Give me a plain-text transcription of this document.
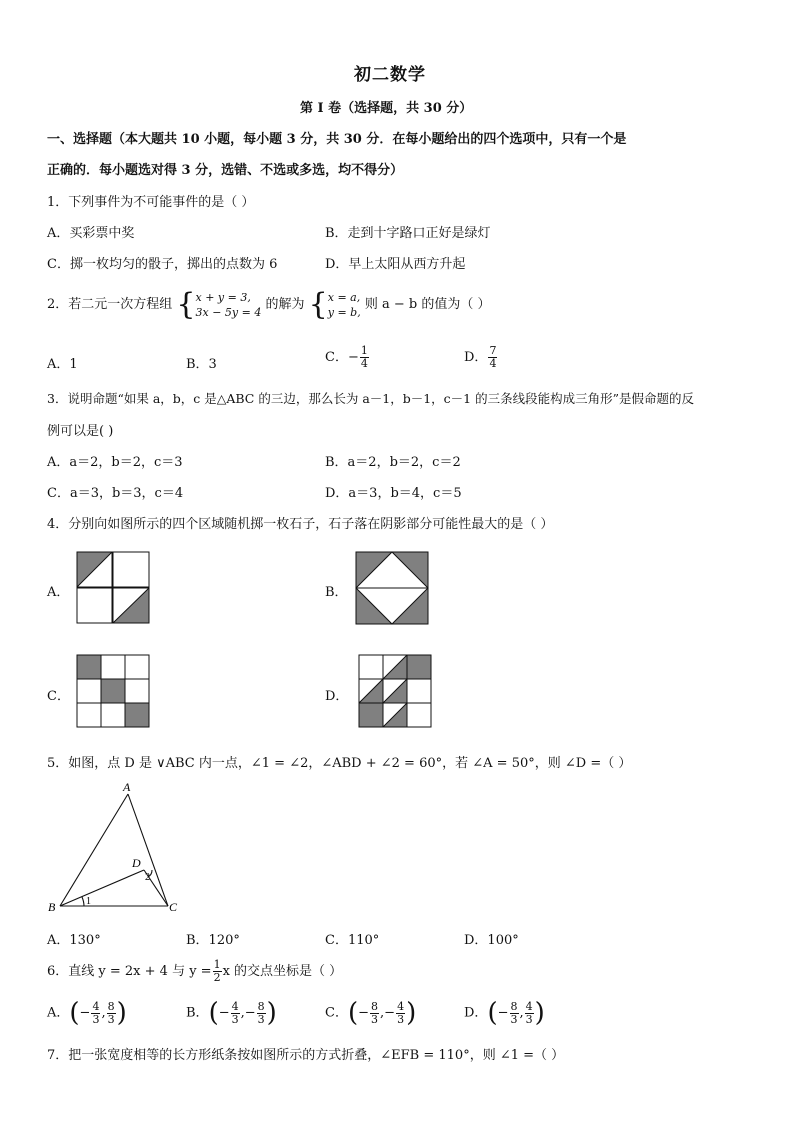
初二数学
第 I 卷（选择题，共 30 分）
一、选择题（本大题共 10 小题，每小题 3 分，共 30 分．在每小题给出的四个选项中，只有一个是
正确的．每小题选对得 3 分，选错、不选或多选，均不得分）
1．下列事件为不可能事件的是（ ）
A．买彩票中奖	B．走到十字路口正好是绿灯
C．掷一枚均匀的骰子，掷出的点数为 6	D．早上太阳从西方升起
2．若二元一次方程组 {x + y = 3,
3x − 5y = 4 的解为 {x = a,
y = b, 则 a − b 的值为（ ）
A．1	B．3	C．− $\frac{1}{4}$	D． $\frac{7}{4}$
3．说明命题“如果 a，b，c 是△ABC 的三边，那么长为 a－1，b－1，c－1 的三条线段能构成三角形”是假命题的反
例可以是( )
A．a＝2，b＝2，c＝3	B．a＝2，b＝2，c＝2
C．a＝3，b＝3，c＝4	D．a＝3，b＝4，c＝5
4．分别向如图所示的四个区域随机掷一枚石子，石子落在阴影部分可能性最大的是（ ）
A．	B．
C．	D．
5．如图，点 D 是 ∨ABC 内一点，∠1 = ∠2，∠ABD + ∠2 = 60°，若 ∠A = 50°，则 ∠D =（ ）
A
B	C
D
1
2
A．130°	B．120°	C．110°	D．100°
6．直线 y = 2x + 4 与 $y = \frac{1}{2}$ x 的交点坐标是（ ）
A．(− $\frac{4}{3}$ , $\frac{8}{3}$ )	B．(− $\frac{4}{3}$ ,− $\frac{8}{3}$ )	C．(− $\frac{8}{3}$ ,− $\frac{4}{3}$ )	D．(− $\frac{8}{3}$ , $\frac{4}{3}$ )
7．把一张宽度相等的长方形纸条按如图所示的方式折叠，∠EFB = 110°，则 ∠1 =（ ）
